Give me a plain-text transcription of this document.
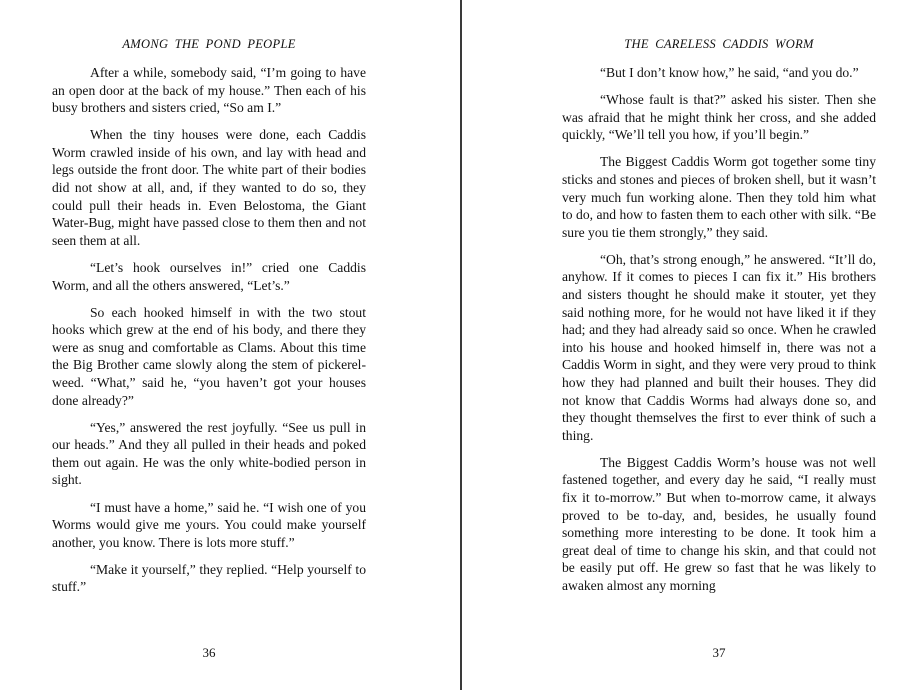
AMONG THE POND PEOPLE

After a while, somebody said, “I’m going to have an open door at the back of my house.” Then each of his busy brothers and sisters cried, “So am I.”

When the tiny houses were done, each Caddis Worm crawled inside of his own, and lay with head and legs outside the front door. The white part of their bodies did not show at all, and, if they wanted to do so, they could pull their heads in. Even Belostoma, the Giant Water-Bug, might have passed close to them then and not seen them at all.

“Let’s hook ourselves in!” cried one Caddis Worm, and all the others answered, “Let’s.”

So each hooked himself in with the two stout hooks which grew at the end of his body, and there they were as snug and comfortable as Clams. About this time the Big Brother came slowly along the stem of pickerel-weed. “What,” said he, “you haven’t got your houses done already?”

“Yes,” answered the rest joyfully. “See us pull in our heads.” And they all pulled in their heads and poked them out again. He was the only white-bodied person in sight.

“I must have a home,” said he. “I wish one of you Worms would give me yours. You could make yourself another, you know. There is lots more stuff.”

“Make it yourself,” they replied. “Help yourself to stuff.”

36
THE CARELESS CADDIS WORM

“But I don’t know how,” he said, “and you do.”

“Whose fault is that?” asked his sister. Then she was afraid that he might think her cross, and she added quickly, “We’ll tell you how, if you’ll begin.”

The Biggest Caddis Worm got together some tiny sticks and stones and pieces of broken shell, but it wasn’t very much fun working alone. Then they told him what to do, and how to fasten them to each other with silk. “Be sure you tie them strongly,” they said.

“Oh, that’s strong enough,” he answered. “It’ll do, anyhow. If it comes to pieces I can fix it.” His brothers and sisters thought he should make it stouter, yet they said nothing more, for he would not have liked it if they had; and they had already said so once. When he crawled into his house and hooked himself in, there was not a Caddis Worm in sight, and they were very proud to think how they had planned and built their houses. They did not know that Caddis Worms had always done so, and they thought themselves the first to ever think of such a thing.

The Biggest Caddis Worm’s house was not well fastened together, and every day he said, “I really must fix it to-morrow.” But when to-morrow came, it always proved to be to-day, and, besides, he usually found something more interesting to be done. It took him a great deal of time to change his skin, and that could not be easily put off. He grew so fast that he was likely to awaken almost any morning

37
